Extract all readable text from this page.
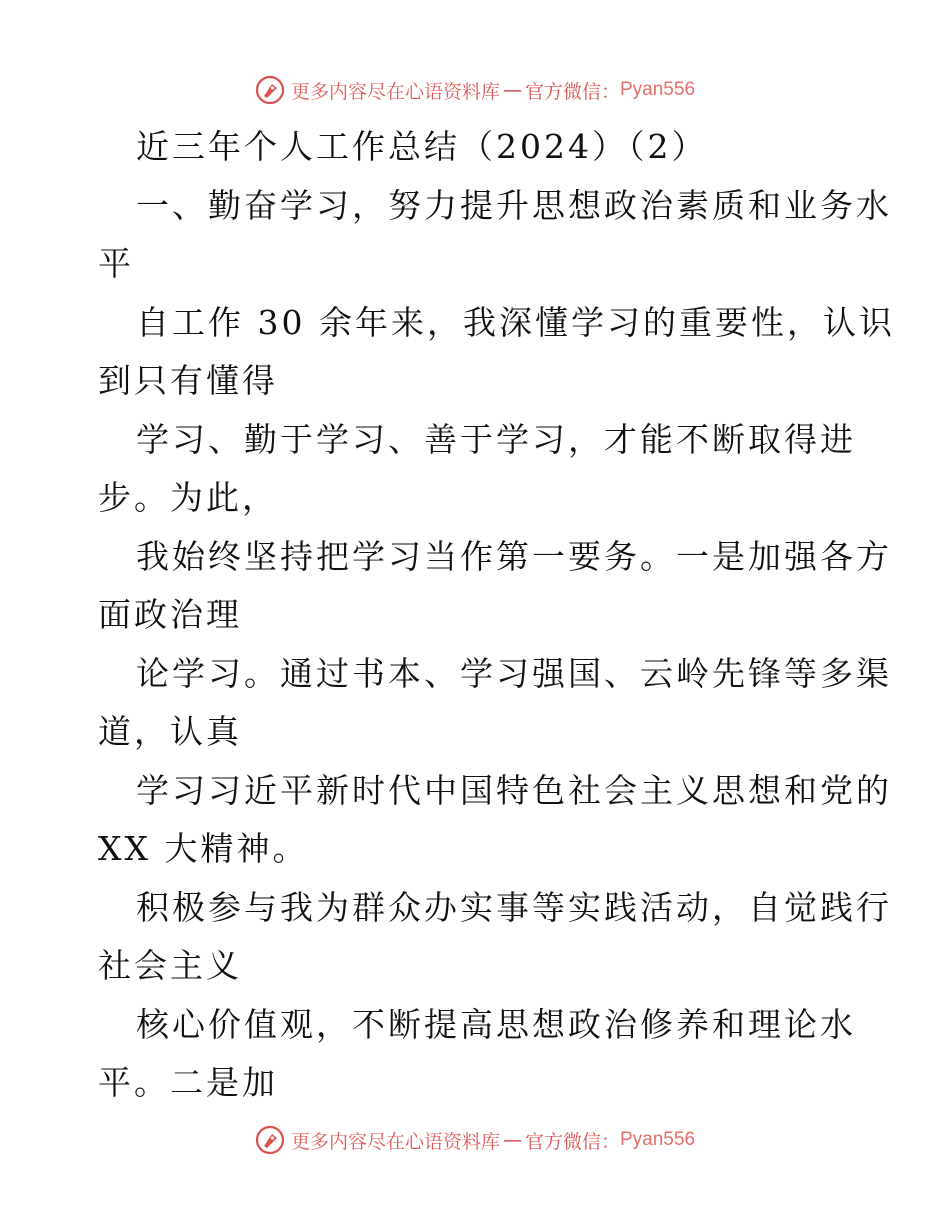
更多内容尽在心语资料库 — 官方微信： Pyan556
近三年个人工作总结（2024）（2）
一、勤奋学习，努力提升思想政治素质和业务水
平
自工作 30 余年来，我深懂学习的重要性，认识
到只有懂得
学习、勤于学习、善于学习，才能不断取得进
步。为此，
我始终坚持把学习当作第一要务。一是加强各方
面政治理
论学习。通过书本、学习强国、云岭先锋等多渠
道，认真
学习习近平新时代中国特色社会主义思想和党的
XX 大精神。
积极参与我为群众办实事等实践活动，自觉践行
社会主义
核心价值观，不断提高思想政治修养和理论水
平。二是加
更多内容尽在心语资料库 — 官方微信： Pyan556
